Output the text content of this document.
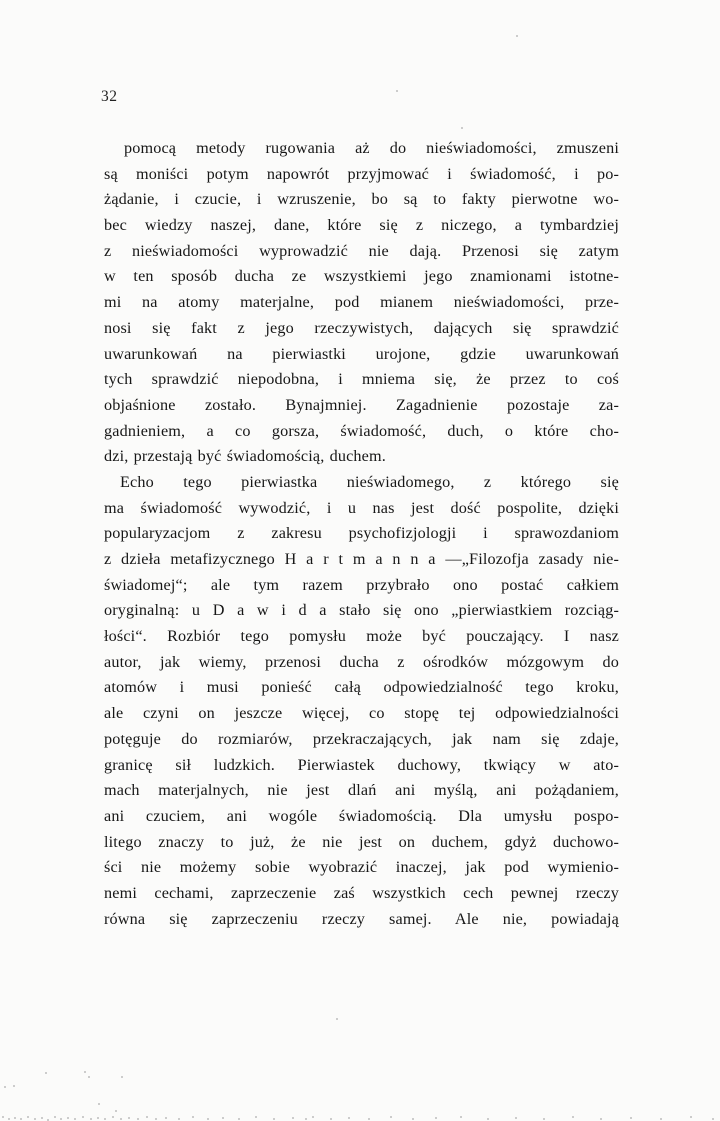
32
pomocą metody rugowania aż do nieświadomości, zmuszeni
są moniści potym napowrót przyjmować i świadomość, i po-
żądanie, i czucie, i wzruszenie, bo są to fakty pierwotne wo-
bec wiedzy naszej, dane, które się z niczego, a tymbardziej
z nieświadomości wyprowadzić nie dają. Przenosi się zatym
w ten sposób ducha ze wszystkiemi jego znamionami istotne-
mi na atomy materjalne, pod mianem nieświadomości, prze-
nosi się fakt z jego rzeczywistych, dających się sprawdzić
uwarunkowań na pierwiastki urojone, gdzie uwarunkowań
tych sprawdzić niepodobna, i mniema się, że przez to coś
objaśnione zostało. Bynajmniej. Zagadnienie pozostaje za-
gadnieniem, a co gorsza, świadomość, duch, o które cho-
dzi, przestają być świadomością, duchem.
Echo tego pierwiastka nieświadomego, z którego się
ma świadomość wywodzić, i u nas jest dość pospolite, dzięki
popularyzacjom z zakresu psychofizjologji i sprawozdaniom
z dzieła metafizycznego H a r t m a n n a —„Filozofja zasady nie-
świadomej“; ale tym razem przybrało ono postać całkiem
oryginalną: u D a w i d a stało się ono „pierwiastkiem rozciąg-
łości“. Rozbiór tego pomysłu może być pouczający. I nasz
autor, jak wiemy, przenosi ducha z ośrodków mózgowym do
atomów i musi ponieść całą odpowiedzialność tego kroku,
ale czyni on jeszcze więcej, co stopę tej odpowiedzialności
potęguje do rozmiarów, przekraczających, jak nam się zdaje,
granicę sił ludzkich. Pierwiastek duchowy, tkwiący w ato-
mach materjalnych, nie jest dlań ani myślą, ani pożądaniem,
ani czuciem, ani wogóle świadomością. Dla umysłu pospo-
litego znaczy to już, że nie jest on duchem, gdyż duchowo-
ści nie możemy sobie wyobrazić inaczej, jak pod wymienio-
nemi cechami, zaprzeczenie zaś wszystkich cech pewnej rzeczy
równa się zaprzeczeniu rzeczy samej. Ale nie, powiadają
